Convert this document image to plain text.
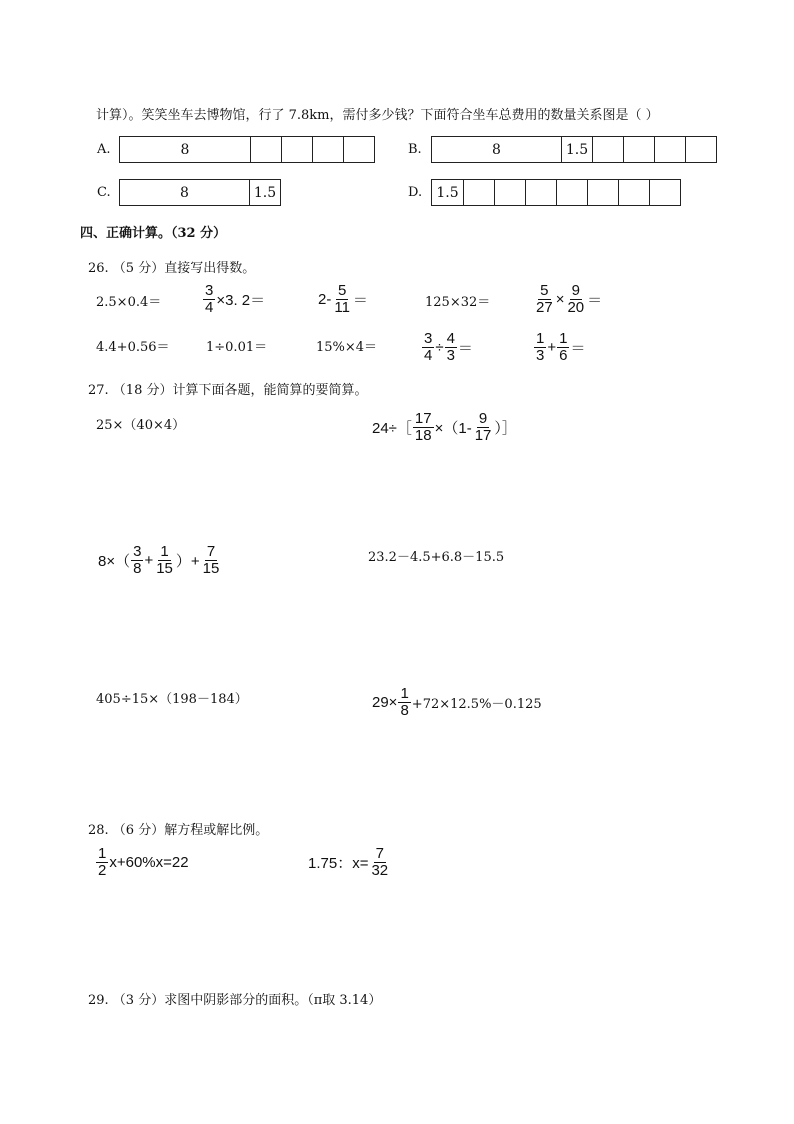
计算）。笑笑坐车去博物馆，行了 7.8km，需付多少钱？下面符合坐车总费用的数量关系图是（ ）
A.	8	B.	8	1.5
C.	8	1.5	D.	1.5
四、正确计算。（32 分）
26. （5 分）直接写出得数。
2.5×0.4＝	$\frac{3}{4} \times 3$. 2＝	$2- \frac{5}{11}$ ＝	125×32＝	$\frac{5}{27} \times \frac{9}{20}$ ＝
4.4+0.56＝	1÷0.01＝	15%×4＝	$\frac{3}{4} \div \frac{4}{3}$ ＝	$\frac{1}{3} + \frac{1}{6}$ ＝
27. （18 分）计算下面各题，能简算的要简算。
25×（40×4）	24÷［ $\frac{17}{18} \times(1- \frac{9}{17}$ ）］
$8\times( \frac{3}{8} + \frac{1}{15}$ ）+ $\frac{7}{15}$	23.2－4.5+6.8－15.5
405÷15×（198－184）	$29\times \frac{1}{8} +72\times 12.5\%-0.125$
28. （6 分）解方程或解比例。
$\frac{1}{2} x+60\%x=22$	1.75：$x= \frac{7}{32}$
29. （3 分）求图中阴影部分的面积。（π取 3.14）
